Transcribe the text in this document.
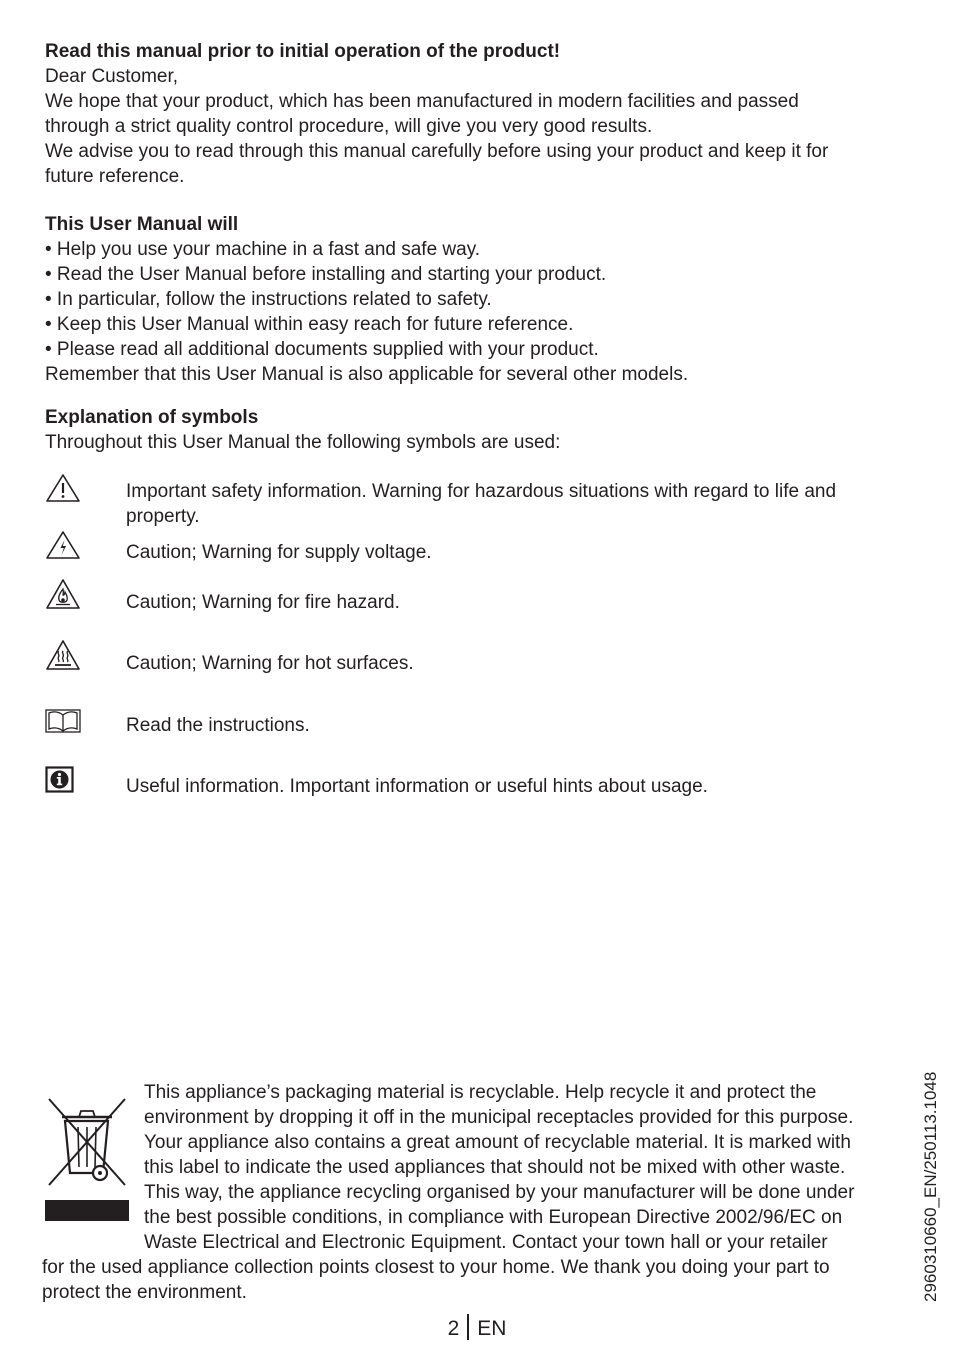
Read this manual prior to initial operation of the product!
Dear Customer,
We hope that your product, which has been manufactured in modern facilities and passed
through a strict quality control procedure, will give you very good results.
We advise you to read through this manual carefully before using your product and keep it for
future reference.
This User Manual will
• Help you use your machine in a fast and safe way.
• Read the User Manual before installing and starting your product.
• In particular, follow the instructions related to safety.
• Keep this User Manual within easy reach for future reference.
• Please read all additional documents supplied with your product.
Remember that this User Manual is also applicable for several other models.
Explanation of symbols
Throughout this User Manual the following symbols are used:
Important safety information. Warning for hazardous situations with regard to life and
property.
Caution; Warning for supply voltage.
Caution; Warning for fire hazard.
Caution; Warning for hot surfaces.
Read the instructions.
Useful information. Important information or useful hints about usage.
This appliance’s packaging material is recyclable. Help recycle it and protect the
environment by dropping it off in the municipal receptacles provided for this purpose.
Your appliance also contains a great amount of recyclable material. It is marked with
this label to indicate the used appliances that should not be mixed with other waste.
This way, the appliance recycling organised by your manufacturer will be done under
the best possible conditions, in compliance with European Directive 2002/96/EC on
Waste Electrical and Electronic Equipment. Contact your town hall or your retailer
for the used appliance collection points closest to your home. We thank you doing your part to
protect the environment.	2960310660_EN/250113.1048
2 EN
